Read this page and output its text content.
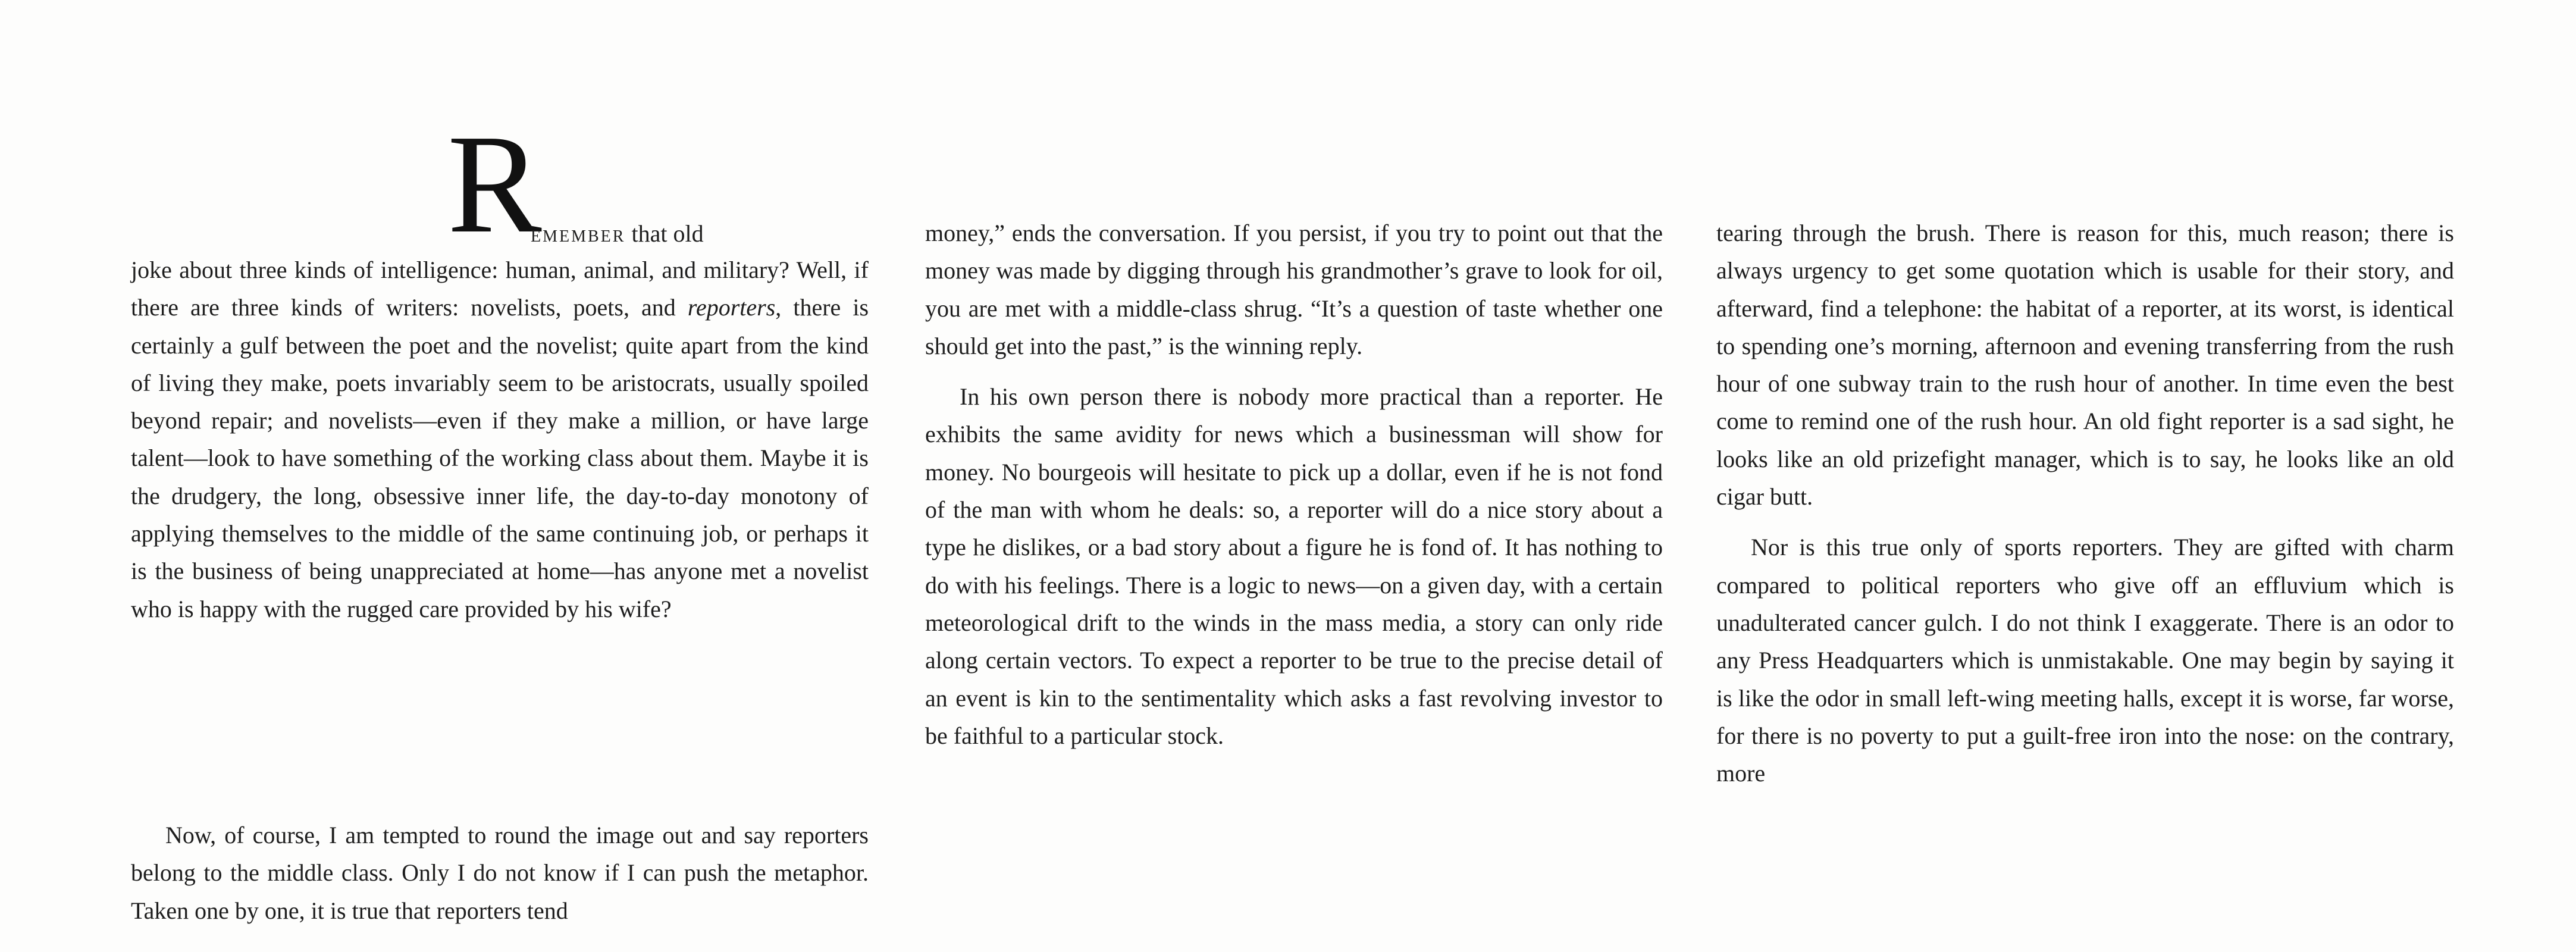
R
emember that old

joke about three kinds of intelligence: human, animal, and military? Well, if there are three kinds of writers: novelists, poets, and reporters, there is certainly a gulf between the poet and the novelist; quite apart from the kind of living they make, poets invariably seem to be aristocrats, usually spoiled beyond repair; and novelists—even if they make a million, or have large talent—look to have something of the working class about them. Maybe it is the drudgery, the long, obsessive inner life, the day-to-day monotony of applying themselves to the middle of the same continuing job, or perhaps it is the business of being unappreciated at home—has anyone met a novelist who is happy with the rugged care provided by his wife?

Now, of course, I am tempted to round the image out and say reporters belong to the middle class. Only I do not know if I can push the metaphor. Taken one by one, it is true that reporters tend

money,” ends the conversation. If you persist, if you try to point out that the money was made by digging through his grandmother’s grave to look for oil, you are met with a middle-class shrug. “It’s a question of taste whether one should get into the past,” is the winning reply.

In his own person there is nobody more practical than a reporter. He exhibits the same avidity for news which a businessman will show for money. No bourgeois will hesitate to pick up a dollar, even if he is not fond of the man with whom he deals: so, a reporter will do a nice story about a type he dislikes, or a bad story about a figure he is fond of. It has nothing to do with his feelings. There is a logic to news—on a given day, with a certain meteorological drift to the winds in the mass media, a story can only ride along certain vectors. To expect a reporter to be true to the precise detail of an event is kin to the sentimentality which asks a fast revolving investor to be faithful to a particular stock.

tearing through the brush. There is reason for this, much reason; there is always urgency to get some quotation which is usable for their story, and afterward, find a telephone: the habitat of a reporter, at its worst, is identical to spending one’s morning, afternoon and evening transferring from the rush hour of one subway train to the rush hour of another. In time even the best come to remind one of the rush hour. An old fight reporter is a sad sight, he looks like an old prizefight manager, which is to say, he looks like an old cigar butt.

Nor is this true only of sports reporters. They are gifted with charm compared to political reporters who give off an effluvium which is unadulterated cancer gulch. I do not think I exaggerate. There is an odor to any Press Headquarters which is unmistakable. One may begin by saying it is like the odor in small left-wing meeting halls, except it is worse, far worse, for there is no poverty to put a guilt-free iron into the nose: on the contrary, more
